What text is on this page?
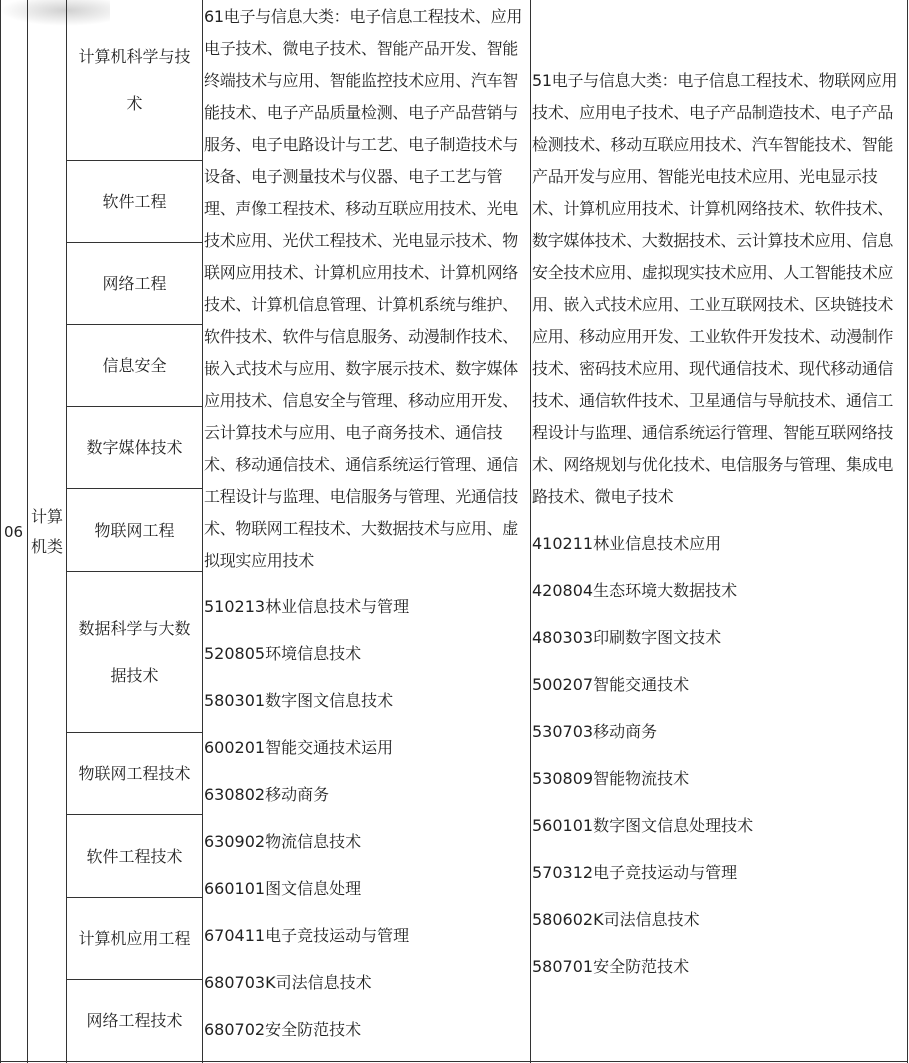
06
计算机类
计算机科学与技术
软件工程
网络工程
信息安全
数字媒体技术
物联网工程
数据科学与大数据技术
物联网工程技术
软件工程技术
计算机应用工程
网络工程技术

61电子与信息大类：电子信息工程技术、应用电子技术、微电子技术、智能产品开发、智能终端技术与应用、智能监控技术应用、汽车智能技术、电子产品质量检测、电子产品营销与服务、电子电路设计与工艺、电子制造技术与设备、电子测量技术与仪器、电子工艺与管理、声像工程技术、移动互联应用技术、光电技术应用、光伏工程技术、光电显示技术、物联网应用技术、计算机应用技术、计算机网络技术、计算机信息管理、计算机系统与维护、软件技术、软件与信息服务、动漫制作技术、嵌入式技术与应用、数字展示技术、数字媒体应用技术、信息安全与管理、移动应用开发、云计算技术与应用、电子商务技术、通信技术、移动通信技术、通信系统运行管理、通信工程设计与监理、电信服务与管理、光通信技术、物联网工程技术、大数据技术与应用、虚拟现实应用技术

510213林业信息技术与管理

520805环境信息技术

580301数字图文信息技术

600201智能交通技术运用

630802移动商务

630902物流信息技术

660101图文信息处理

670411电子竞技运动与管理

680703K司法信息技术

680702安全防范技术

51电子与信息大类：电子信息工程技术、物联网应用技术、应用电子技术、电子产品制造技术、电子产品检测技术、移动互联应用技术、汽车智能技术、智能产品开发与应用、智能光电技术应用、光电显示技术、计算机应用技术、计算机网络技术、软件技术、数字媒体技术、大数据技术、云计算技术应用、信息安全技术应用、虚拟现实技术应用、人工智能技术应用、嵌入式技术应用、工业互联网技术、区块链技术应用、移动应用开发、工业软件开发技术、动漫制作技术、密码技术应用、现代通信技术、现代移动通信技术、通信软件技术、卫星通信与导航技术、通信工程设计与监理、通信系统运行管理、智能互联网络技术、网络规划与优化技术、电信服务与管理、集成电路技术、微电子技术

410211林业信息技术应用

420804生态环境大数据技术

480303印刷数字图文技术

500207智能交通技术

530703移动商务

530809智能物流技术

560101数字图文信息处理技术

570312电子竞技运动与管理

580602K司法信息技术

580701安全防范技术
